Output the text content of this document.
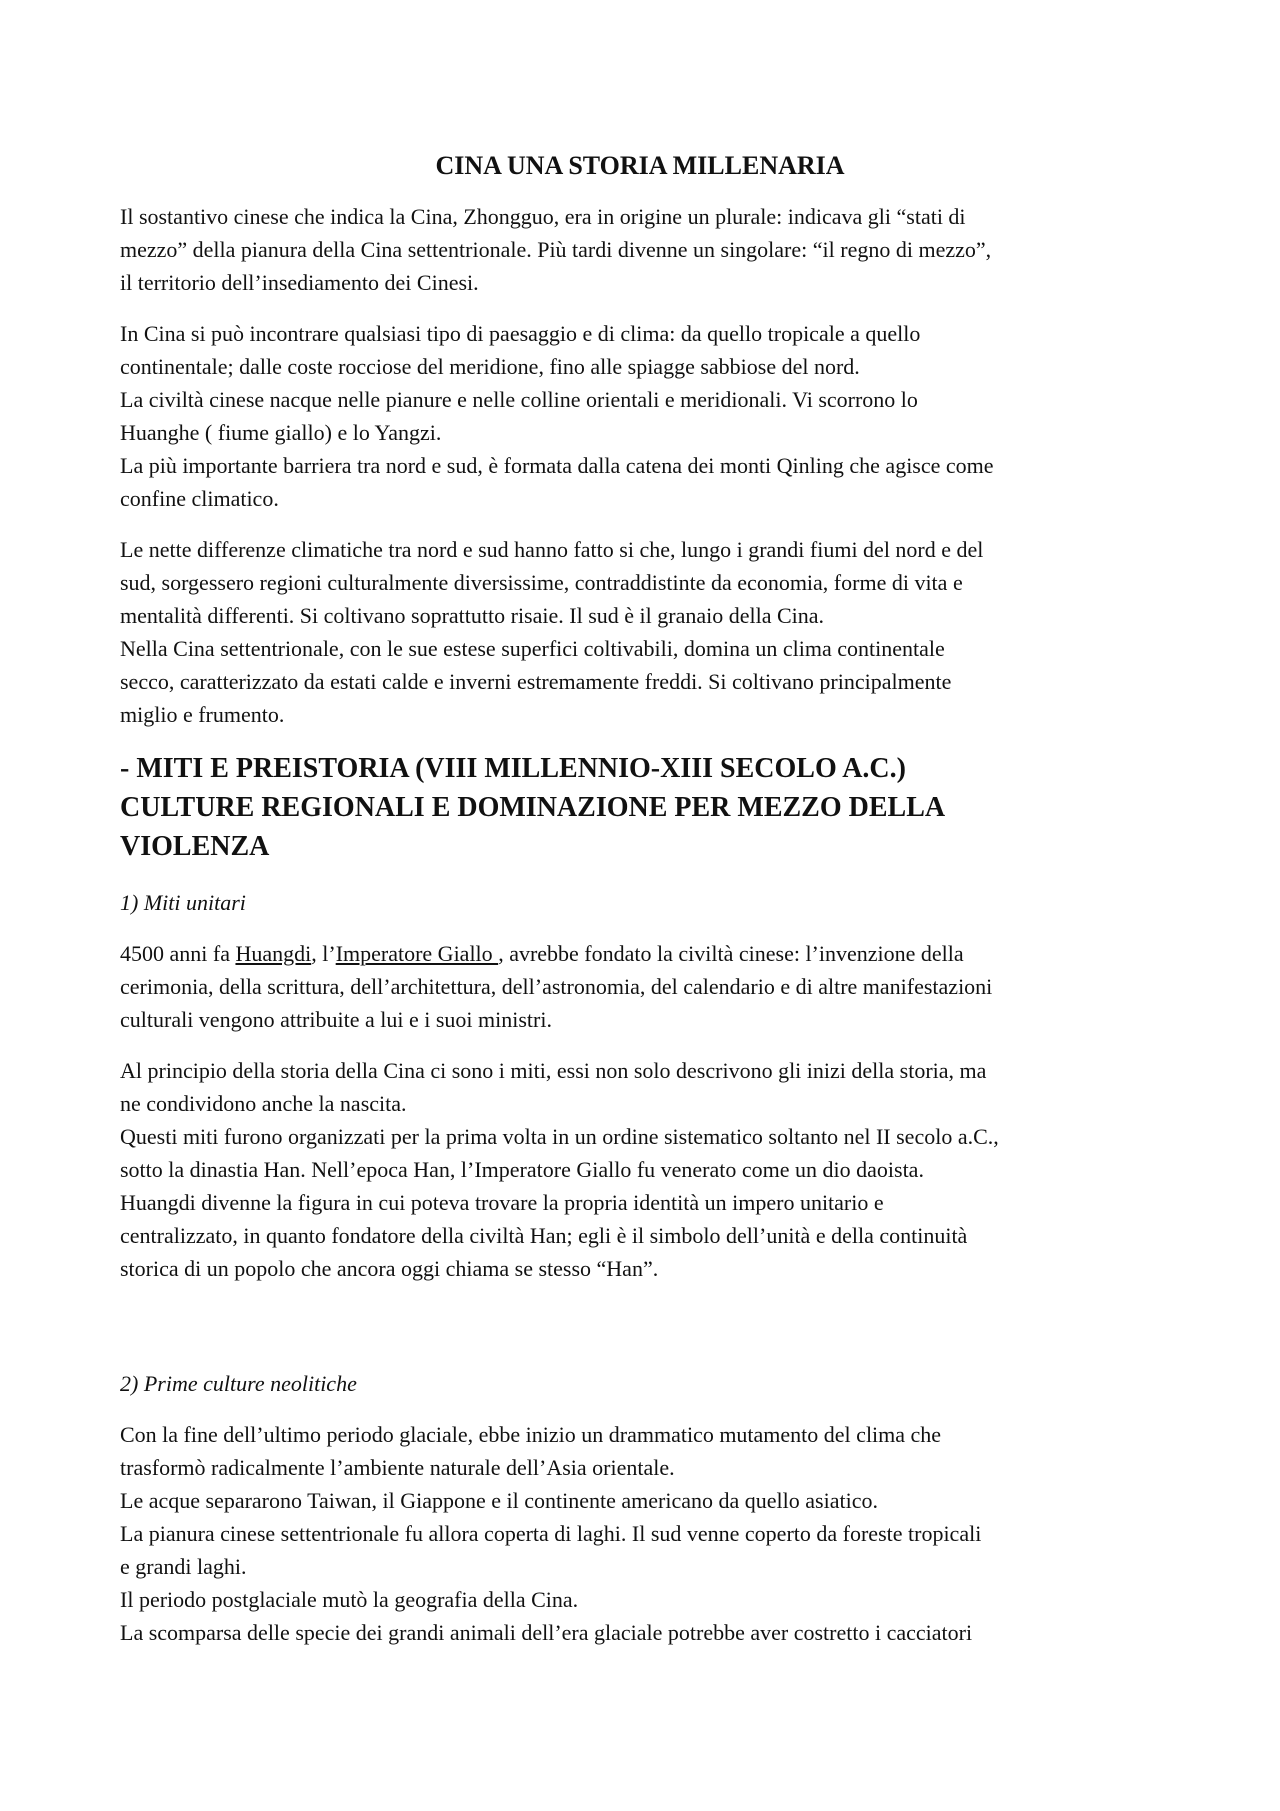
CINA UNA STORIA MILLENARIA

Il sostantivo cinese che indica la Cina, Zhongguo, era in origine un plurale: indicava gli “stati di
mezzo” della pianura della Cina settentrionale. Più tardi divenne un singolare: “il regno di mezzo”,
il territorio dell’insediamento dei Cinesi.

In Cina si può incontrare qualsiasi tipo di paesaggio e di clima: da quello tropicale a quello
continentale; dalle coste rocciose del meridione, fino alle spiagge sabbiose del nord.
La civiltà cinese nacque nelle pianure e nelle colline orientali e meridionali. Vi scorrono lo
Huanghe ( fiume giallo) e lo Yangzi.
La più importante barriera tra nord e sud, è formata dalla catena dei monti Qinling che agisce come
confine climatico.

Le nette differenze climatiche tra nord e sud hanno fatto si che, lungo i grandi fiumi del nord e del
sud, sorgessero regioni culturalmente diversissime, contraddistinte da economia, forme di vita e
mentalità differenti. Si coltivano soprattutto risaie. Il sud è il granaio della Cina.
Nella Cina settentrionale, con le sue estese superfici coltivabili, domina un clima continentale
secco, caratterizzato da estati calde e inverni estremamente freddi. Si coltivano principalmente
miglio e frumento.

- MITI E PREISTORIA (VIII MILLENNIO-XIII SECOLO A.C.)
CULTURE REGIONALI E DOMINAZIONE PER MEZZO DELLA
VIOLENZA
1) Miti unitari

4500 anni fa Huangdi, l’Imperatore Giallo , avrebbe fondato la civiltà cinese: l’invenzione della
cerimonia, della scrittura, dell’architettura, dell’astronomia, del calendario e di altre manifestazioni
culturali vengono attribuite a lui e i suoi ministri.

Al principio della storia della Cina ci sono i miti, essi non solo descrivono gli inizi della storia, ma
ne condividono anche la nascita.
Questi miti furono organizzati per la prima volta in un ordine sistematico soltanto nel II secolo a.C.,
sotto la dinastia Han. Nell’epoca Han, l’Imperatore Giallo fu venerato come un dio daoista.
Huangdi divenne la figura in cui poteva trovare la propria identità un impero unitario e
centralizzato, in quanto fondatore della civiltà Han; egli è il simbolo dell’unità e della continuità
storica di un popolo che ancora oggi chiama se stesso “Han”.

2) Prime culture neolitiche

Con la fine dell’ultimo periodo glaciale, ebbe inizio un drammatico mutamento del clima che
trasformò radicalmente l’ambiente naturale dell’Asia orientale.
Le acque separarono Taiwan, il Giappone e il continente americano da quello asiatico.
La pianura cinese settentrionale fu allora coperta di laghi. Il sud venne coperto da foreste tropicali
e grandi laghi.
Il periodo postglaciale mutò la geografia della Cina.
La scomparsa delle specie dei grandi animali dell’era glaciale potrebbe aver costretto i cacciatori
